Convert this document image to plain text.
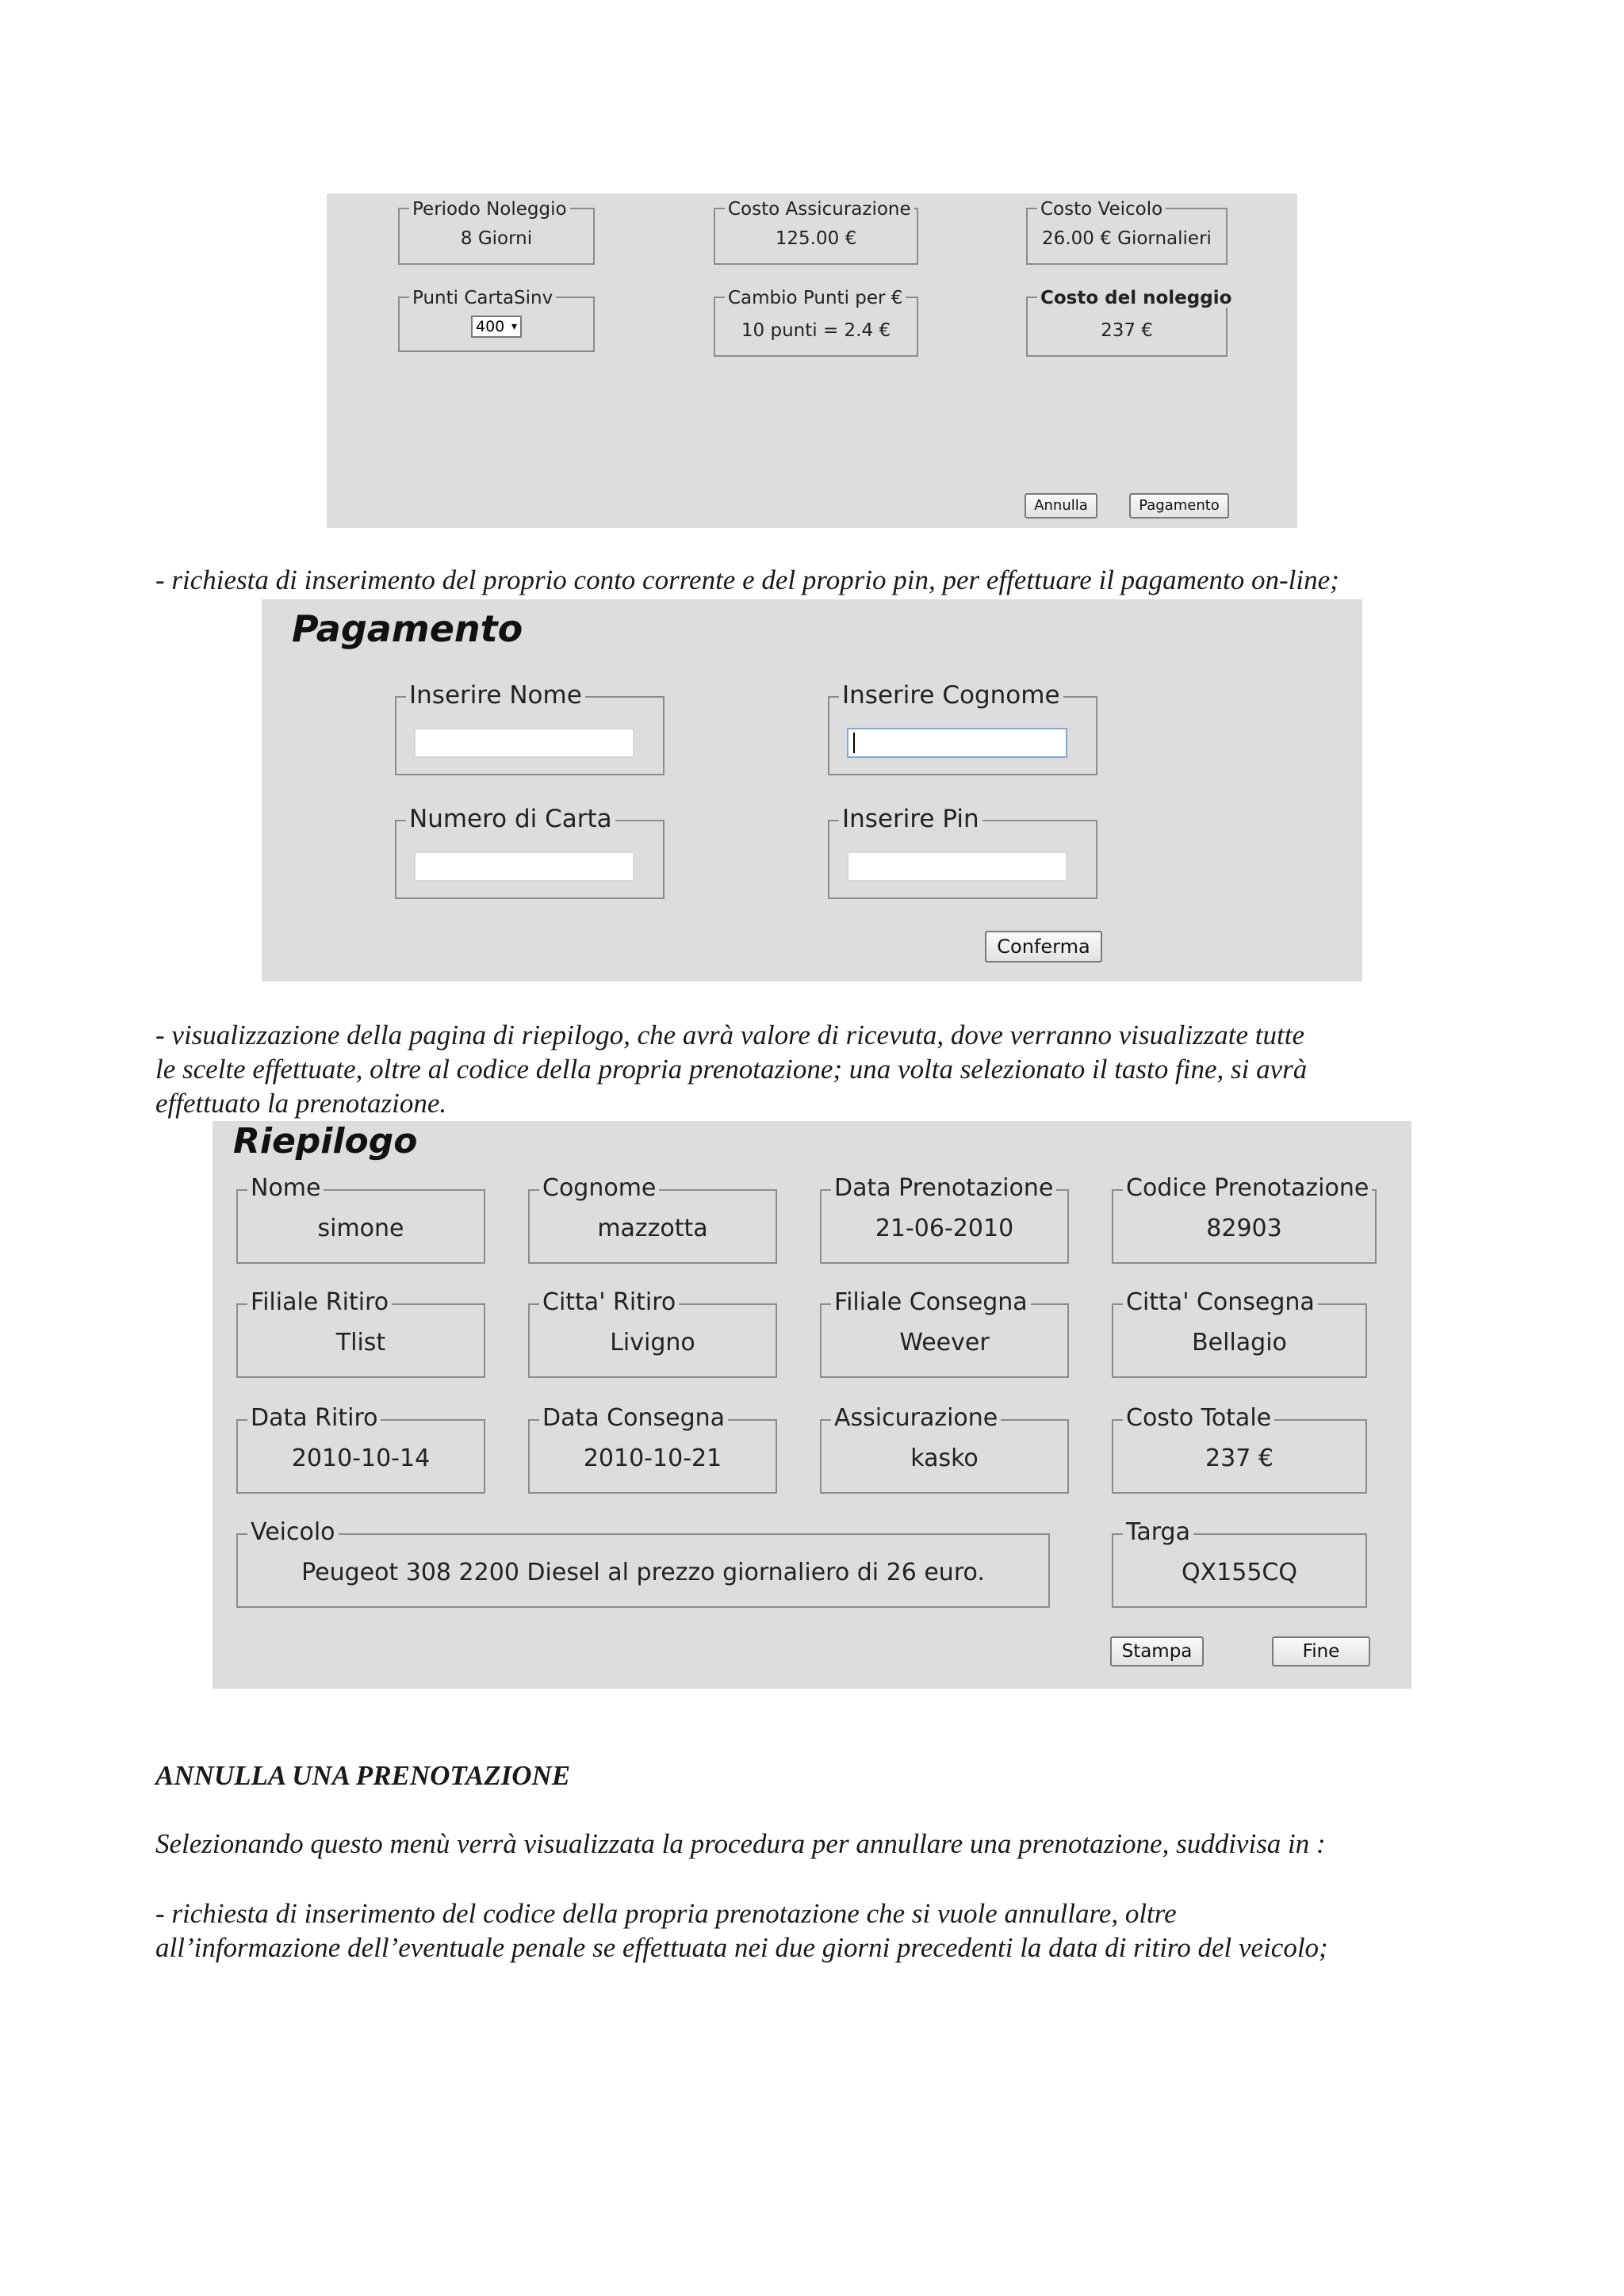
Periodo Noleggio
8 Giorni
Costo Assicurazione
125.00 €
Costo Veicolo
26.00 € Giornalieri
Punti CartaSinv
400 ▾
Cambio Punti per €
10 punti = 2.4 €
Costo del noleggio
237 €
Annulla	Pagamento

- richiesta di inserimento del proprio conto corrente e del proprio pin, per effettuare il pagamento on-line;

Pagamento
Inserire Nome	Inserire Cognome
Numero di Carta	Inserire Pin
Conferma

- visualizzazione della pagina di riepilogo, che avrà valore di ricevuta, dove verranno visualizzate tutte
le scelte effettuate, oltre al codice della propria prenotazione; una volta selezionato il tasto fine, si avrà
effettuato la prenotazione.

Riepilogo
Nome
simone
Cognome
mazzotta
Data Prenotazione
21-06-2010
Codice Prenotazione
82903
Filiale Ritiro
Tlist
Citta' Ritiro
Livigno
Filiale Consegna
Weever
Citta' Consegna
Bellagio
Data Ritiro
2010-10-14
Data Consegna
2010-10-21
Assicurazione
kasko
Costo Totale
237 €
Veicolo
Peugeot 308 2200 Diesel al prezzo giornaliero di 26 euro.
Targa
QX155CQ
Stampa	Fine

ANNULLA UNA PRENOTAZIONE

Selezionando questo menù verrà visualizzata la procedura per annullare una prenotazione, suddivisa in :

- richiesta di inserimento del codice della propria prenotazione che si vuole annullare, oltre
all’informazione dell’eventuale penale se effettuata nei due giorni precedenti la data di ritiro del veicolo;
